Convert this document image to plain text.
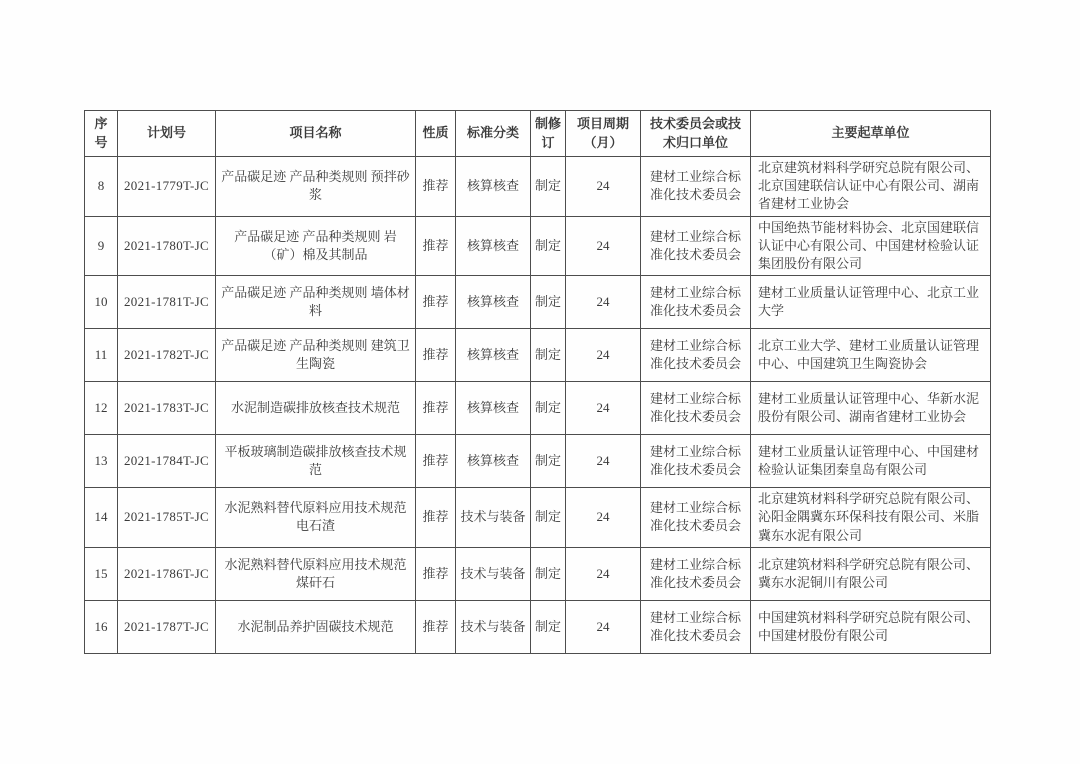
序号	计划号	项目名称	性质	标准分类	制修订	项目周期（月）	技术委员会或技术归口单位	主要起草单位
8	2021-1779T-JC	产品碳足迹 产品种类规则 预拌砂浆	推荐	核算核查	制定	24	建材工业综合标准化技术委员会	北京建筑材料科学研究总院有限公司、北京国建联信认证中心有限公司、湖南省建材工业协会
9	2021-1780T-JC	产品碳足迹 产品种类规则 岩（矿）棉及其制品	推荐	核算核查	制定	24	建材工业综合标准化技术委员会	中国绝热节能材料协会、北京国建联信认证中心有限公司、中国建材检验认证集团股份有限公司
10	2021-1781T-JC	产品碳足迹 产品种类规则 墙体材料	推荐	核算核查	制定	24	建材工业综合标准化技术委员会	建材工业质量认证管理中心、北京工业大学
11	2021-1782T-JC	产品碳足迹 产品种类规则 建筑卫生陶瓷	推荐	核算核查	制定	24	建材工业综合标准化技术委员会	北京工业大学、建材工业质量认证管理中心、中国建筑卫生陶瓷协会
12	2021-1783T-JC	水泥制造碳排放核查技术规范	推荐	核算核查	制定	24	建材工业综合标准化技术委员会	建材工业质量认证管理中心、华新水泥股份有限公司、湖南省建材工业协会
13	2021-1784T-JC	平板玻璃制造碳排放核查技术规范	推荐	核算核查	制定	24	建材工业综合标准化技术委员会	建材工业质量认证管理中心、中国建材检验认证集团秦皇岛有限公司
14	2021-1785T-JC	水泥熟料替代原料应用技术规范 电石渣	推荐	技术与装备	制定	24	建材工业综合标准化技术委员会	北京建筑材料科学研究总院有限公司、沁阳金隅冀东环保科技有限公司、米脂冀东水泥有限公司
15	2021-1786T-JC	水泥熟料替代原料应用技术规范 煤矸石	推荐	技术与装备	制定	24	建材工业综合标准化技术委员会	北京建筑材料科学研究总院有限公司、冀东水泥铜川有限公司
16	2021-1787T-JC	水泥制品养护固碳技术规范	推荐	技术与装备	制定	24	建材工业综合标准化技术委员会	中国建筑材料科学研究总院有限公司、中国建材股份有限公司
